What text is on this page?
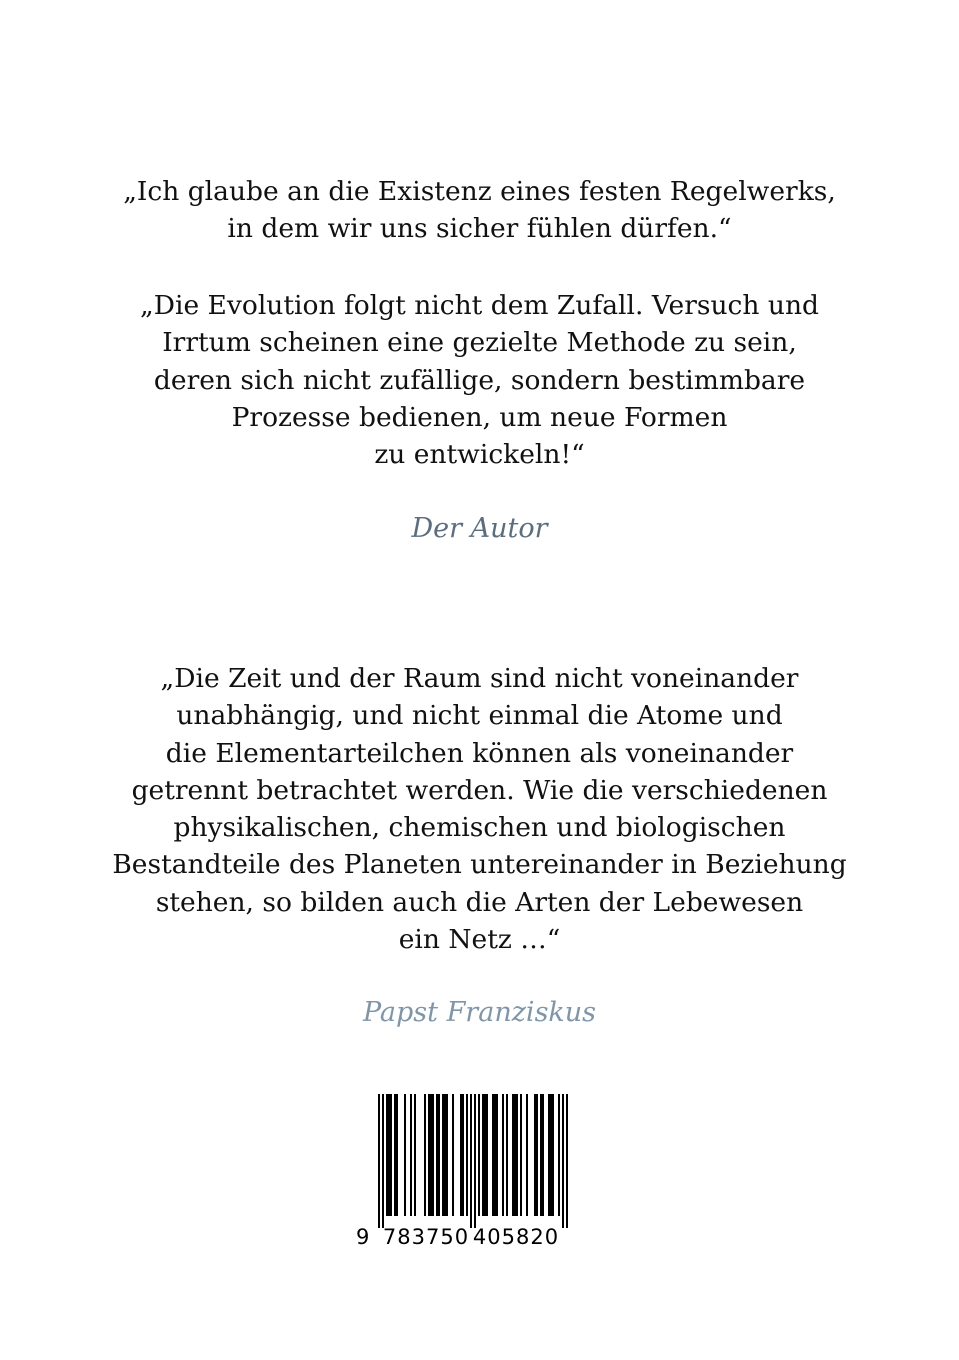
„Ich glaube an die Existenz eines festen Regelwerks,
in dem wir uns sicher fühlen dürfen.“

„Die Evolution folgt nicht dem Zufall. Versuch und
Irrtum scheinen eine gezielte Methode zu sein,
deren sich nicht zufällige, sondern bestimmbare
Prozesse bedienen, um neue Formen
zu entwickeln!“

Der Autor

„Die Zeit und der Raum sind nicht voneinander
unabhängig, und nicht einmal die Atome und
die Elementarteilchen können als voneinander
getrennt betrachtet werden. Wie die verschiedenen
physikalischen, chemischen und biologischen
Bestandteile des Planeten untereinander in Beziehung
stehen, so bilden auch die Arten der Lebewesen
ein Netz …“

Papst Franziskus
9 783750 405820
